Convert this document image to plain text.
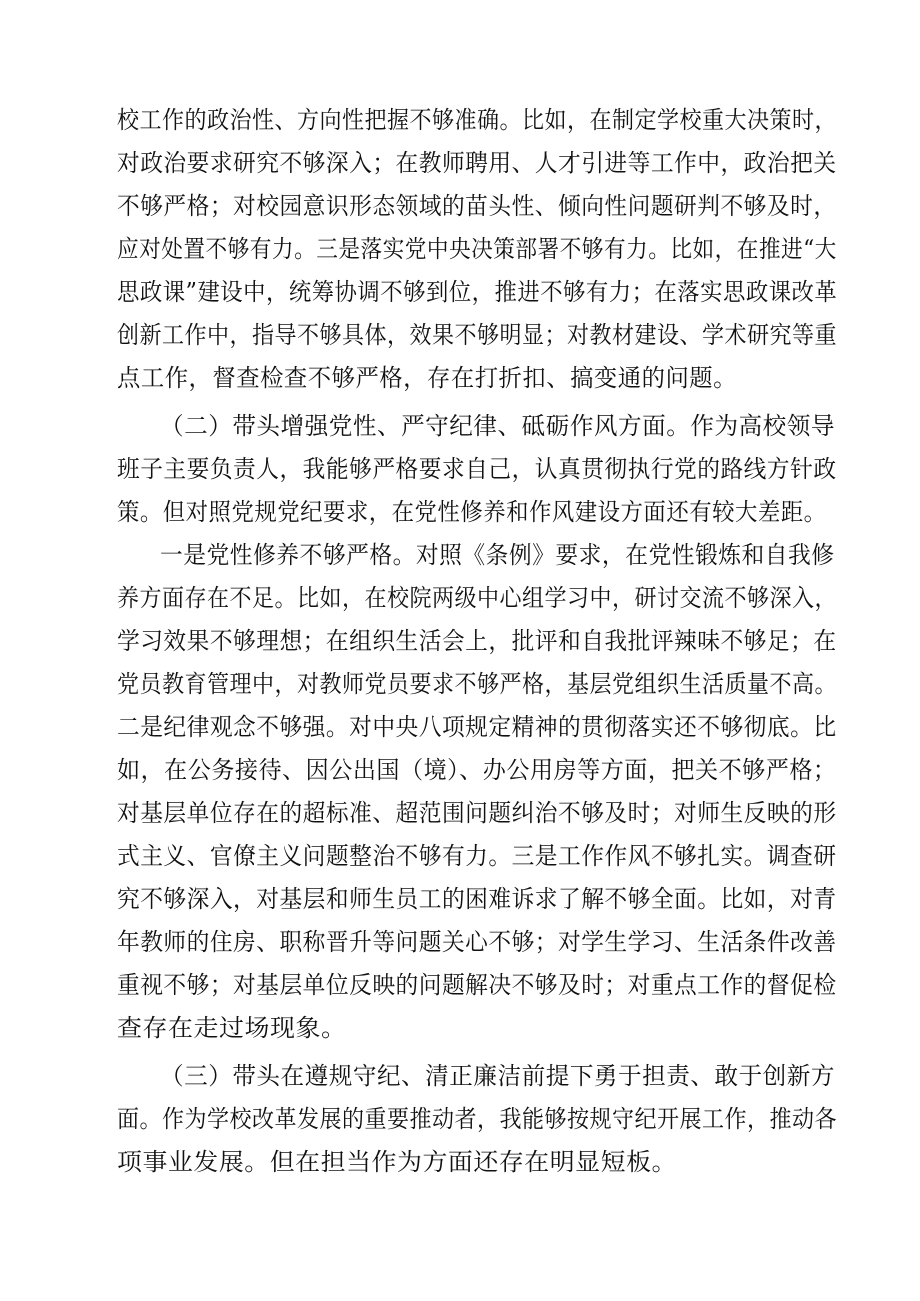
校工作的政治性、方向性把握不够准确。比如，在制定学校重大决策时，
对政治要求研究不够深入；在教师聘用、人才引进等工作中，政治把关
不够严格；对校园意识形态领域的苗头性、倾向性问题研判不够及时，
应对处置不够有力。三是落实党中央决策部署不够有力。比如，在推进“大
思政课”建设中，统筹协调不够到位，推进不够有力；在落实思政课改革
创新工作中，指导不够具体，效果不够明显；对教材建设、学术研究等重
点工作，督查检查不够严格，存在打折扣、搞变通的问题。
（二）带头增强党性、严守纪律、砥砺作风方面。作为高校领导
班子主要负责人，我能够严格要求自己，认真贯彻执行党的路线方针政
策。但对照党规党纪要求，在党性修养和作风建设方面还有较大差距。
一是党性修养不够严格。对照《条例》要求，在党性锻炼和自我修
养方面存在不足。比如，在校院两级中心组学习中，研讨交流不够深入，
学习效果不够理想；在组织生活会上，批评和自我批评辣味不够足；在
党员教育管理中，对教师党员要求不够严格，基层党组织生活质量不高。
二是纪律观念不够强。对中央八项规定精神的贯彻落实还不够彻底。比
如，在公务接待、因公出国（境）、办公用房等方面，把关不够严格；
对基层单位存在的超标准、超范围问题纠治不够及时；对师生反映的形
式主义、官僚主义问题整治不够有力。三是工作作风不够扎实。调查研
究不够深入，对基层和师生员工的困难诉求了解不够全面。比如，对青
年教师的住房、职称晋升等问题关心不够；对学生学习、生活条件改善
重视不够；对基层单位反映的问题解决不够及时；对重点工作的督促检
查存在走过场现象。
（三）带头在遵规守纪、清正廉洁前提下勇于担责、敢于创新方
面。作为学校改革发展的重要推动者，我能够按规守纪开展工作，推动各
项事业发展。但在担当作为方面还存在明显短板。
